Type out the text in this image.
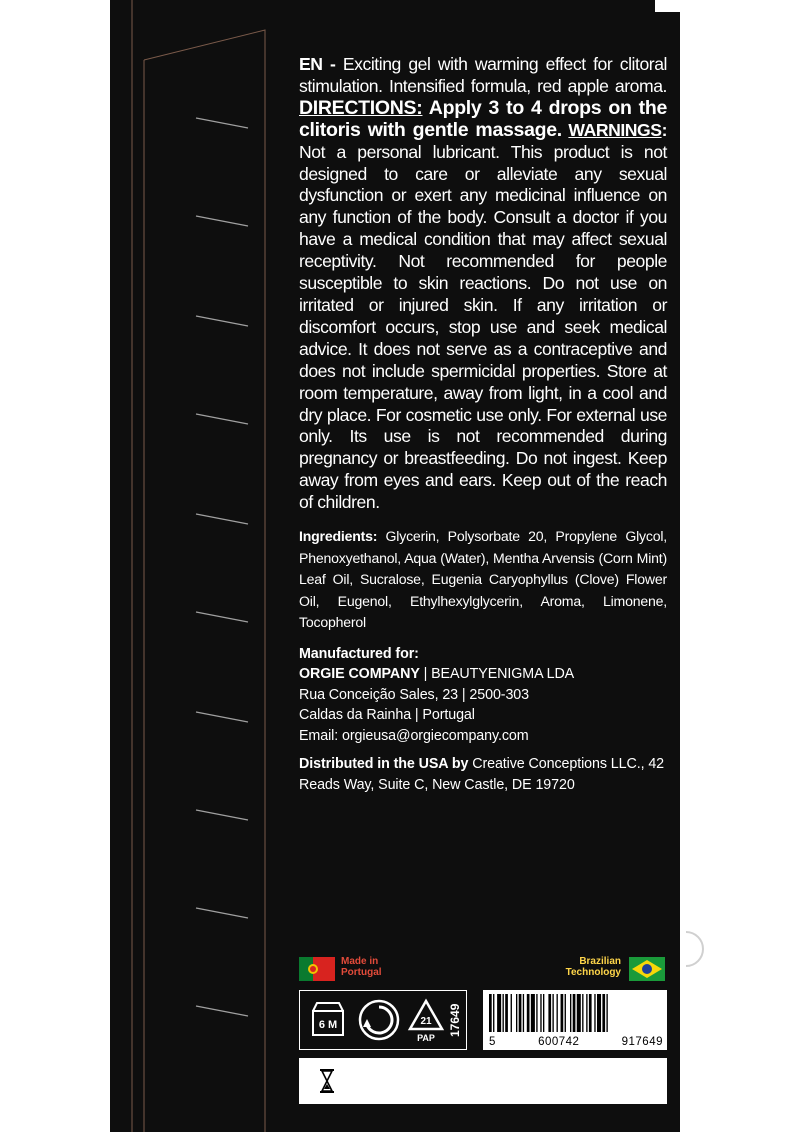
EN - Exciting gel with warming effect for clitoral stimulation. Intensified formula, red apple aroma. DIRECTIONS: Apply 3 to 4 drops on the clitoris with gentle massage. WARNINGS: Not a personal lubricant. This product is not designed to care or alleviate any sexual dysfunction or exert any medicinal influence on any function of the body. Consult a doctor if you have a medical condition that may affect sexual receptivity. Not recommended for people susceptible to skin reactions. Do not use on irritated or injured skin. If any irritation or discomfort occurs, stop use and seek medical advice. It does not serve as a contraceptive and does not include spermicidal properties. Store at room temperature, away from light, in a cool and dry place. For cosmetic use only. For external use only. Its use is not recommended during pregnancy or breastfeeding. Do not ingest. Keep away from eyes and ears. Keep out of the reach of children.
Ingredients: Glycerin, Polysorbate 20, Propylene Glycol, Phenoxyethanol, Aqua (Water), Mentha Arvensis (Corn Mint) Leaf Oil, Sucralose, Eugenia Caryophyllus (Clove) Flower Oil, Eugenol, Ethylhexylglycerin, Aroma, Limonene, Tocopherol
Manufactured for:
ORGIE COMPANY | BEAUTYENIGMA LDA
Rua Conceição Sales, 23 | 2500-303
Caldas da Rainha | Portugal
Email: orgieusa@orgiecompany.com
Distributed in the USA by Creative Conceptions LLC., 42 Reads Way, Suite C, New Castle, DE 19720
Made in
Portugal
Brazilian
Technology
6 M	21
PAP
17649
5	600742	917649
